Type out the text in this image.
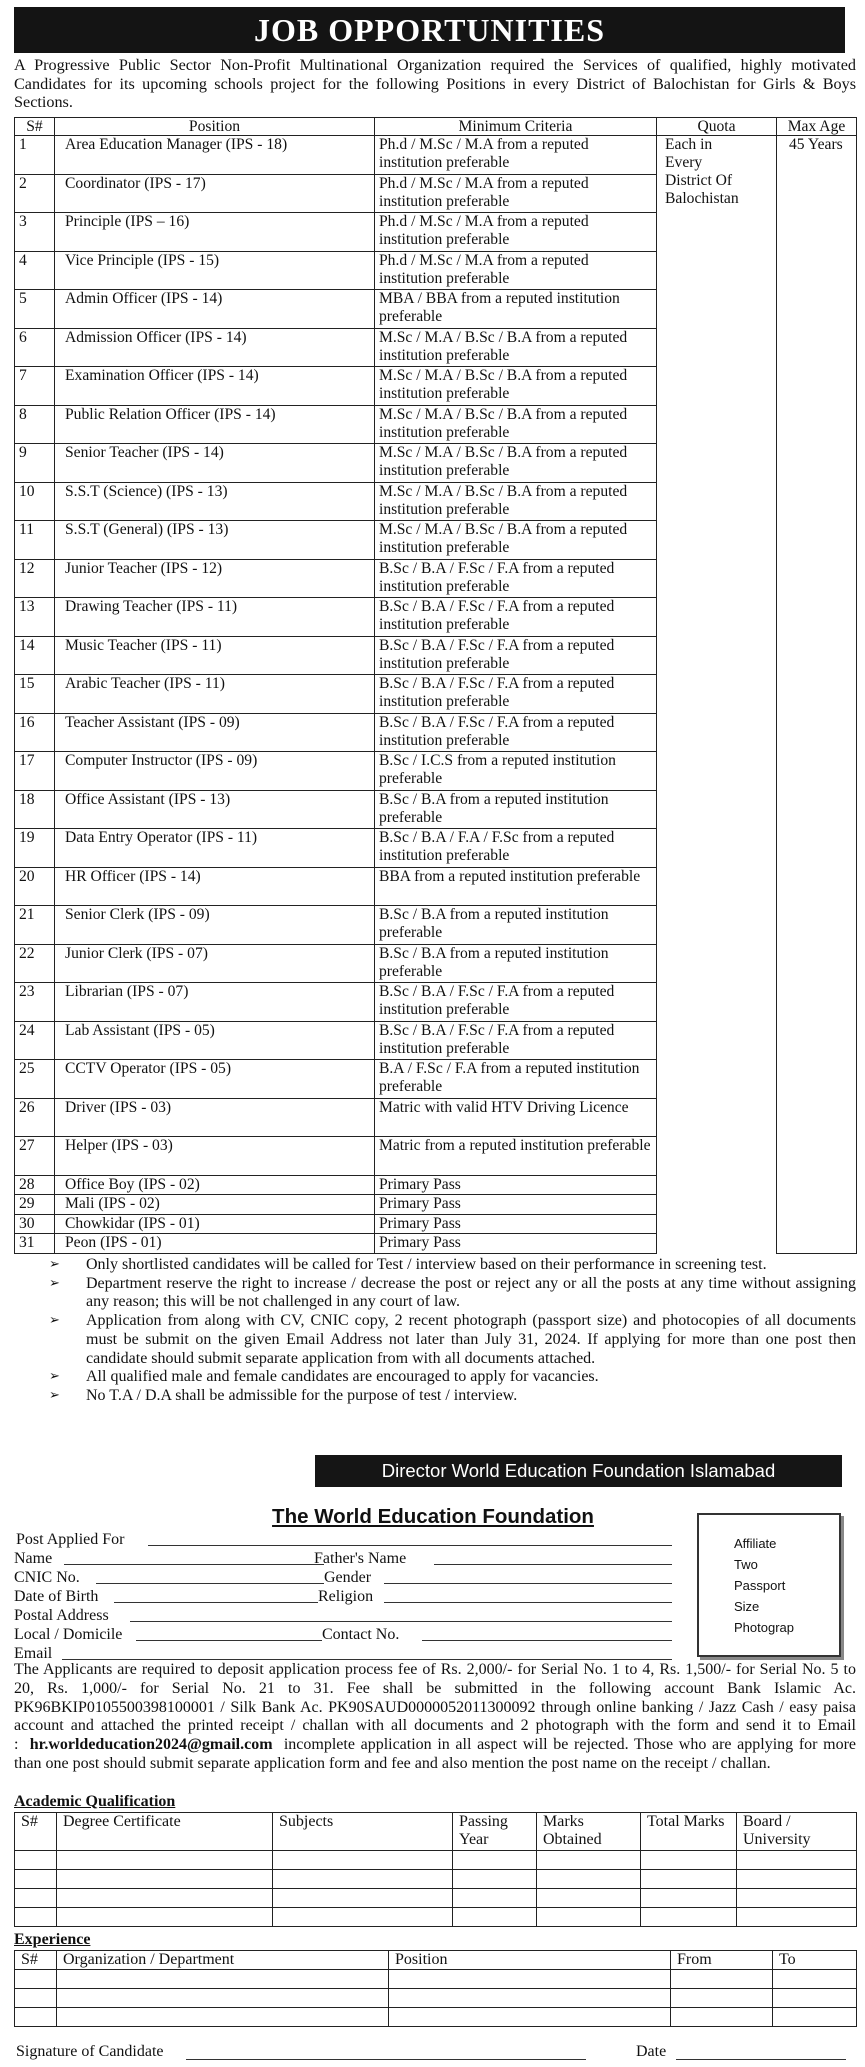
JOB OPPORTUNITIES
A Progressive Public Sector Non-Profit Multinational Organization required the Services of qualified, highly motivated Candidates for its upcoming schools project for the following Positions in every District of Balochistan for Girls & Boys Sections.
S#	Position	Minimum Criteria	Quota	Max Age
1	Area Education Manager (IPS - 18)	Ph.d / M.Sc / M.A from a reputed institution preferable	Each in
Every
District Of
Balochistan	45 Years
2	Coordinator (IPS - 17)	Ph.d / M.Sc / M.A from a reputed institution preferable		
3	Principle (IPS – 16)	Ph.d / M.Sc / M.A from a reputed institution preferable		
4	Vice Principle (IPS - 15)	Ph.d / M.Sc / M.A from a reputed institution preferable		
5	Admin Officer (IPS - 14)	MBA / BBA from a reputed institution preferable		
6	Admission Officer (IPS - 14)	M.Sc / M.A / B.Sc / B.A from a reputed institution preferable		
7	Examination Officer (IPS - 14)	M.Sc / M.A / B.Sc / B.A from a reputed institution preferable		
8	Public Relation Officer (IPS - 14)	M.Sc / M.A / B.Sc / B.A from a reputed institution preferable		
9	Senior Teacher (IPS - 14)	M.Sc / M.A / B.Sc / B.A from a reputed institution preferable		
10	S.S.T (Science) (IPS - 13)	M.Sc / M.A / B.Sc / B.A from a reputed institution preferable		
11	S.S.T (General) (IPS - 13)	M.Sc / M.A / B.Sc / B.A from a reputed institution preferable		
12	Junior Teacher (IPS - 12)	B.Sc / B.A / F.Sc / F.A from a reputed institution preferable		
13	Drawing Teacher (IPS - 11)	B.Sc / B.A / F.Sc / F.A from a reputed institution preferable		
14	Music Teacher (IPS - 11)	B.Sc / B.A / F.Sc / F.A from a reputed institution preferable		
15	Arabic Teacher (IPS - 11)	B.Sc / B.A / F.Sc / F.A from a reputed institution preferable		
16	Teacher Assistant (IPS - 09)	B.Sc / B.A / F.Sc / F.A from a reputed institution preferable		
17	Computer Instructor (IPS - 09)	B.Sc / I.C.S from a reputed institution preferable		
18	Office Assistant (IPS - 13)	B.Sc / B.A from a reputed institution preferable		
19	Data Entry Operator (IPS - 11)	B.Sc / B.A / F.A / F.Sc from a reputed institution preferable		
20	HR Officer (IPS - 14)	BBA from a reputed institution preferable		
21	Senior Clerk (IPS - 09)	B.Sc / B.A from a reputed institution preferable		
22	Junior Clerk (IPS - 07)	B.Sc / B.A from a reputed institution preferable		
23	Librarian (IPS - 07)	B.Sc / B.A / F.Sc / F.A from a reputed institution preferable		
24	Lab Assistant (IPS - 05)	B.Sc / B.A / F.Sc / F.A from a reputed institution preferable		
25	CCTV Operator (IPS - 05)	B.A / F.Sc / F.A from a reputed institution preferable		
26	Driver (IPS - 03)	Matric with valid HTV Driving Licence		
27	Helper (IPS - 03)	Matric from a reputed institution preferable		
28	Office Boy (IPS - 02)	Primary Pass		
29	Mali (IPS - 02)	Primary Pass		
30	Chowkidar (IPS - 01)	Primary Pass		
31	Peon (IPS - 01)	Primary Pass		
➢ Only shortlisted candidates will be called for Test / interview based on their performance in screening test.
➢ Department reserve the right to increase / decrease the post or reject any or all the posts at any time without assigning any reason; this will be not challenged in any court of law.
➢ Application from along with CV, CNIC copy, 2 recent photograph (passport size) and photocopies of all documents must be submit on the given Email Address not later than July 31, 2024. If applying for more than one post then candidate should submit separate application from with all documents attached.
➢ All qualified male and female candidates are encouraged to apply for vacancies.
➢ No T.A / D.A shall be admissible for the purpose of test / interview.
Director World Education Foundation Islamabad
The World Education Foundation
Affiliate
Two
Passport
Size
Photograp
Post Applied For
Name	Father's Name
CNIC No.	Gender
Date of Birth	Religion
Postal Address
Local / Domicile	Contact No.
Email
The Applicants are required to deposit application process fee of Rs. 2,000/- for Serial No. 1 to 4, Rs. 1,500/- for Serial No. 5 to 20, Rs. 1,000/- for Serial No. 21 to 31. Fee shall be submitted in the following account Bank Islamic Ac. PK96BKIP0105500398100001 / Silk Bank Ac. PK90SAUD0000052011300092 through online banking / Jazz Cash / easy paisa account and attached the printed receipt / challan with all documents and 2 photograph with the form and send it to Email : hr.worldeducation2024@gmail.com incomplete application in all aspect will be rejected. Those who are applying for more than one post should submit separate application form and fee and also mention the post name on the receipt / challan.
Academic Qualification
S#	Degree Certificate	Subjects	Passing Year	Marks Obtained	Total Marks	Board / University

Experience
S#	Organization / Department	Position	From	To

Signature of Candidate	Date
